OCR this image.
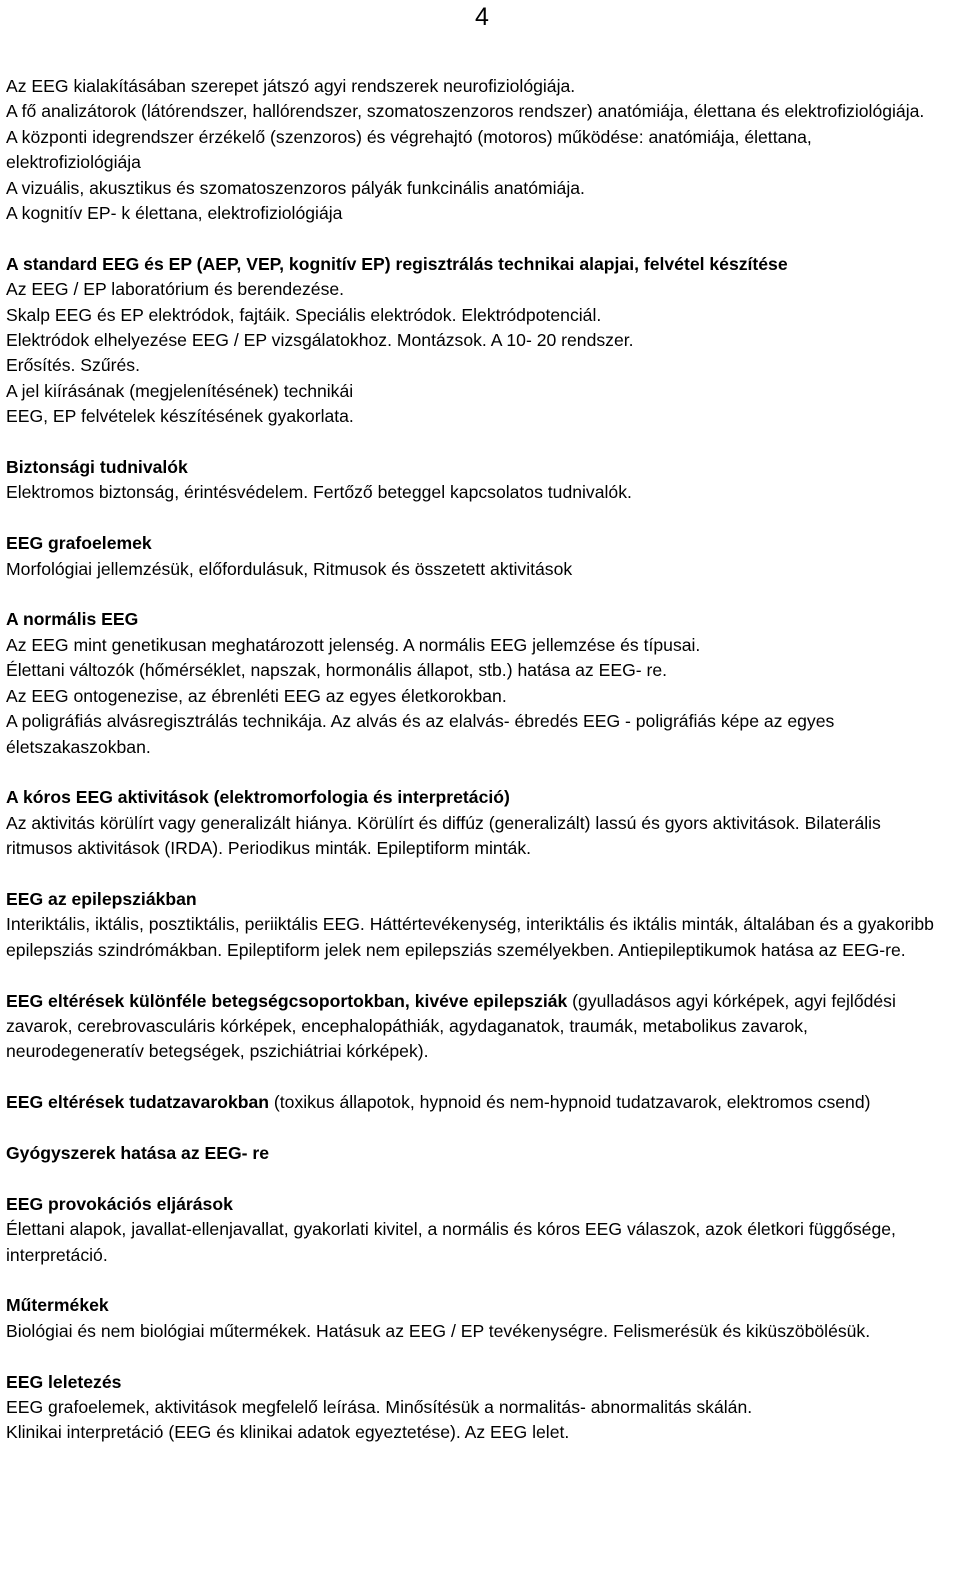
4

Az EEG kialakításában szerepet játszó agyi rendszerek neurofiziológiája.
A fő analizátorok (látórendszer, hallórendszer, szomatoszenzoros rendszer) anatómiája, élettana és elektrofiziológiája.
A központi idegrendszer érzékelő (szenzoros) és végrehajtó (motoros) működése: anatómiája, élettana, elektrofiziológiája
A vizuális, akusztikus és szomatoszenzoros pályák funkcinális anatómiája.
A kognitív EP- k élettana, elektrofiziológiája

A standard EEG és EP (AEP, VEP, kognitív EP) regisztrálás technikai alapjai, felvétel készítése
Az EEG / EP laboratórium és berendezése.
Skalp EEG és EP elektródok, fajtáik. Speciális elektródok. Elektródpotenciál.
Elektródok elhelyezése EEG / EP vizsgálatokhoz. Montázsok. A 10- 20 rendszer.
Erősítés. Szűrés.
A jel kiírásának (megjelenítésének) technikái
EEG, EP felvételek készítésének gyakorlata.

Biztonsági tudnivalók
Elektromos biztonság, érintésvédelem. Fertőző beteggel kapcsolatos tudnivalók.

EEG grafoelemek
Morfológiai jellemzésük, előfordulásuk, Ritmusok és összetett aktivitások

A normális EEG
Az EEG mint genetikusan meghatározott jelenség. A normális EEG jellemzése és típusai.
Élettani változók (hőmérséklet, napszak, hormonális állapot, stb.) hatása az EEG- re.
Az EEG ontogenezise, az ébrenléti EEG az egyes életkorokban.
A poligráfiás alvásregisztrálás technikája. Az alvás és az elalvás- ébredés EEG - poligráfiás képe az egyes életszakaszokban.

A kóros EEG aktivitások (elektromorfologia és interpretáció)
Az aktivitás körülírt vagy generalizált hiánya. Körülírt és diffúz (generalizált) lassú és gyors aktivitások. Bilaterális ritmusos aktivitások (IRDA). Periodikus minták. Epileptiform minták.

EEG az epilepsziákban
Interiktális, iktális, posztiktális, periiktális EEG. Háttértevékenység, interiktális és iktális minták, általában és a gyakoribb epilepsziás szindrómákban. Epileptiform jelek nem epilepsziás személyekben. Antiepileptikumok hatása az EEG-re.

EEG eltérések különféle betegségcsoportokban, kivéve epilepsziák (gyulladásos agyi kórképek, agyi fejlődési zavarok, cerebrovasculáris kórképek, encephalopáthiák, agydaganatok, traumák, metabolikus zavarok, neurodegeneratív betegségek, pszichiátriai kórképek).

EEG eltérések tudatzavarokban (toxikus állapotok, hypnoid és nem-hypnoid tudatzavarok, elektromos csend)

Gyógyszerek hatása az EEG- re

EEG provokációs eljárások
Élettani alapok, javallat-ellenjavallat, gyakorlati kivitel, a normális és kóros EEG válaszok, azok életkori függősége, interpretáció.

Műtermékek
Biológiai és nem biológiai műtermékek. Hatásuk az EEG / EP tevékenységre. Felismerésük és kiküszöbölésük.

EEG leletezés
EEG grafoelemek, aktivitások megfelelő leírása. Minősítésük a normalitás- abnormalitás skálán.
Klinikai interpretáció (EEG és klinikai adatok egyeztetése). Az EEG lelet.
